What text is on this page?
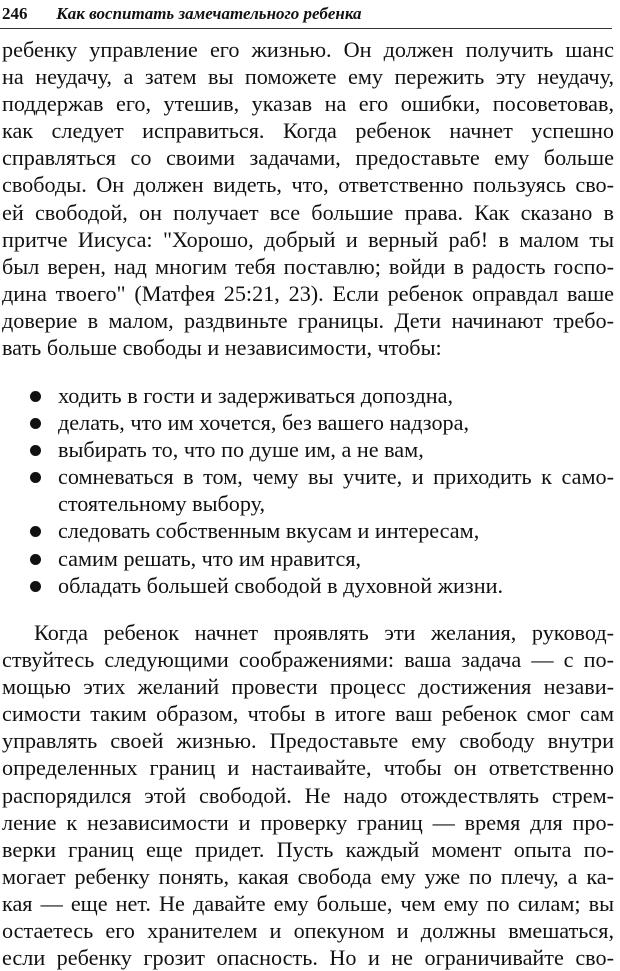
246 Как воспитать замечательного ребенка
ребенку управление его жизнью. Он должен получить шанс
на неудачу, а затем вы поможете ему пережить эту неудачу,
поддержав его, утешив, указав на его ошибки, посоветовав,
как следует исправиться. Когда ребенок начнет успешно
справляться со своими задачами, предоставьте ему больше
свободы. Он должен видеть, что, ответственно пользуясь сво-
ей свободой, он получает все большие права. Как сказано в
притче Иисуса: "Хорошо, добрый и верный раб! в малом ты
был верен, над многим тебя поставлю; войди в радость госпо-
дина твоего" (Матфея 25:21, 23). Если ребенок оправдал ваше
доверие в малом, раздвиньте границы. Дети начинают требо-
вать больше свободы и независимости, чтобы:
ходить в гости и задерживаться допоздна,
делать, что им хочется, без вашего надзора,
выбирать то, что по душе им, а не вам,
сомневаться в том, чему вы учите, и приходить к само-
стоятельному выбору,
следовать собственным вкусам и интересам,
самим решать, что им нравится,
обладать большей свободой в духовной жизни.
Когда ребенок начнет проявлять эти желания, руковод-
ствуйтесь следующими соображениями: ваша задача — с по-
мощью этих желаний провести процесс достижения незави-
симости таким образом, чтобы в итоге ваш ребенок смог сам
управлять своей жизнью. Предоставьте ему свободу внутри
определенных границ и настаивайте, чтобы он ответственно
распорядился этой свободой. Не надо отождествлять стрем-
ление к независимости и проверку границ — время для про-
верки границ еще придет. Пусть каждый момент опыта по-
могает ребенку понять, какая свобода ему уже по плечу, а ка-
кая — еще нет. Не давайте ему больше, чем ему по силам; вы
остаетесь его хранителем и опекуном и должны вмешаться,
если ребенку грозит опасность. Но и не ограничивайте сво-
